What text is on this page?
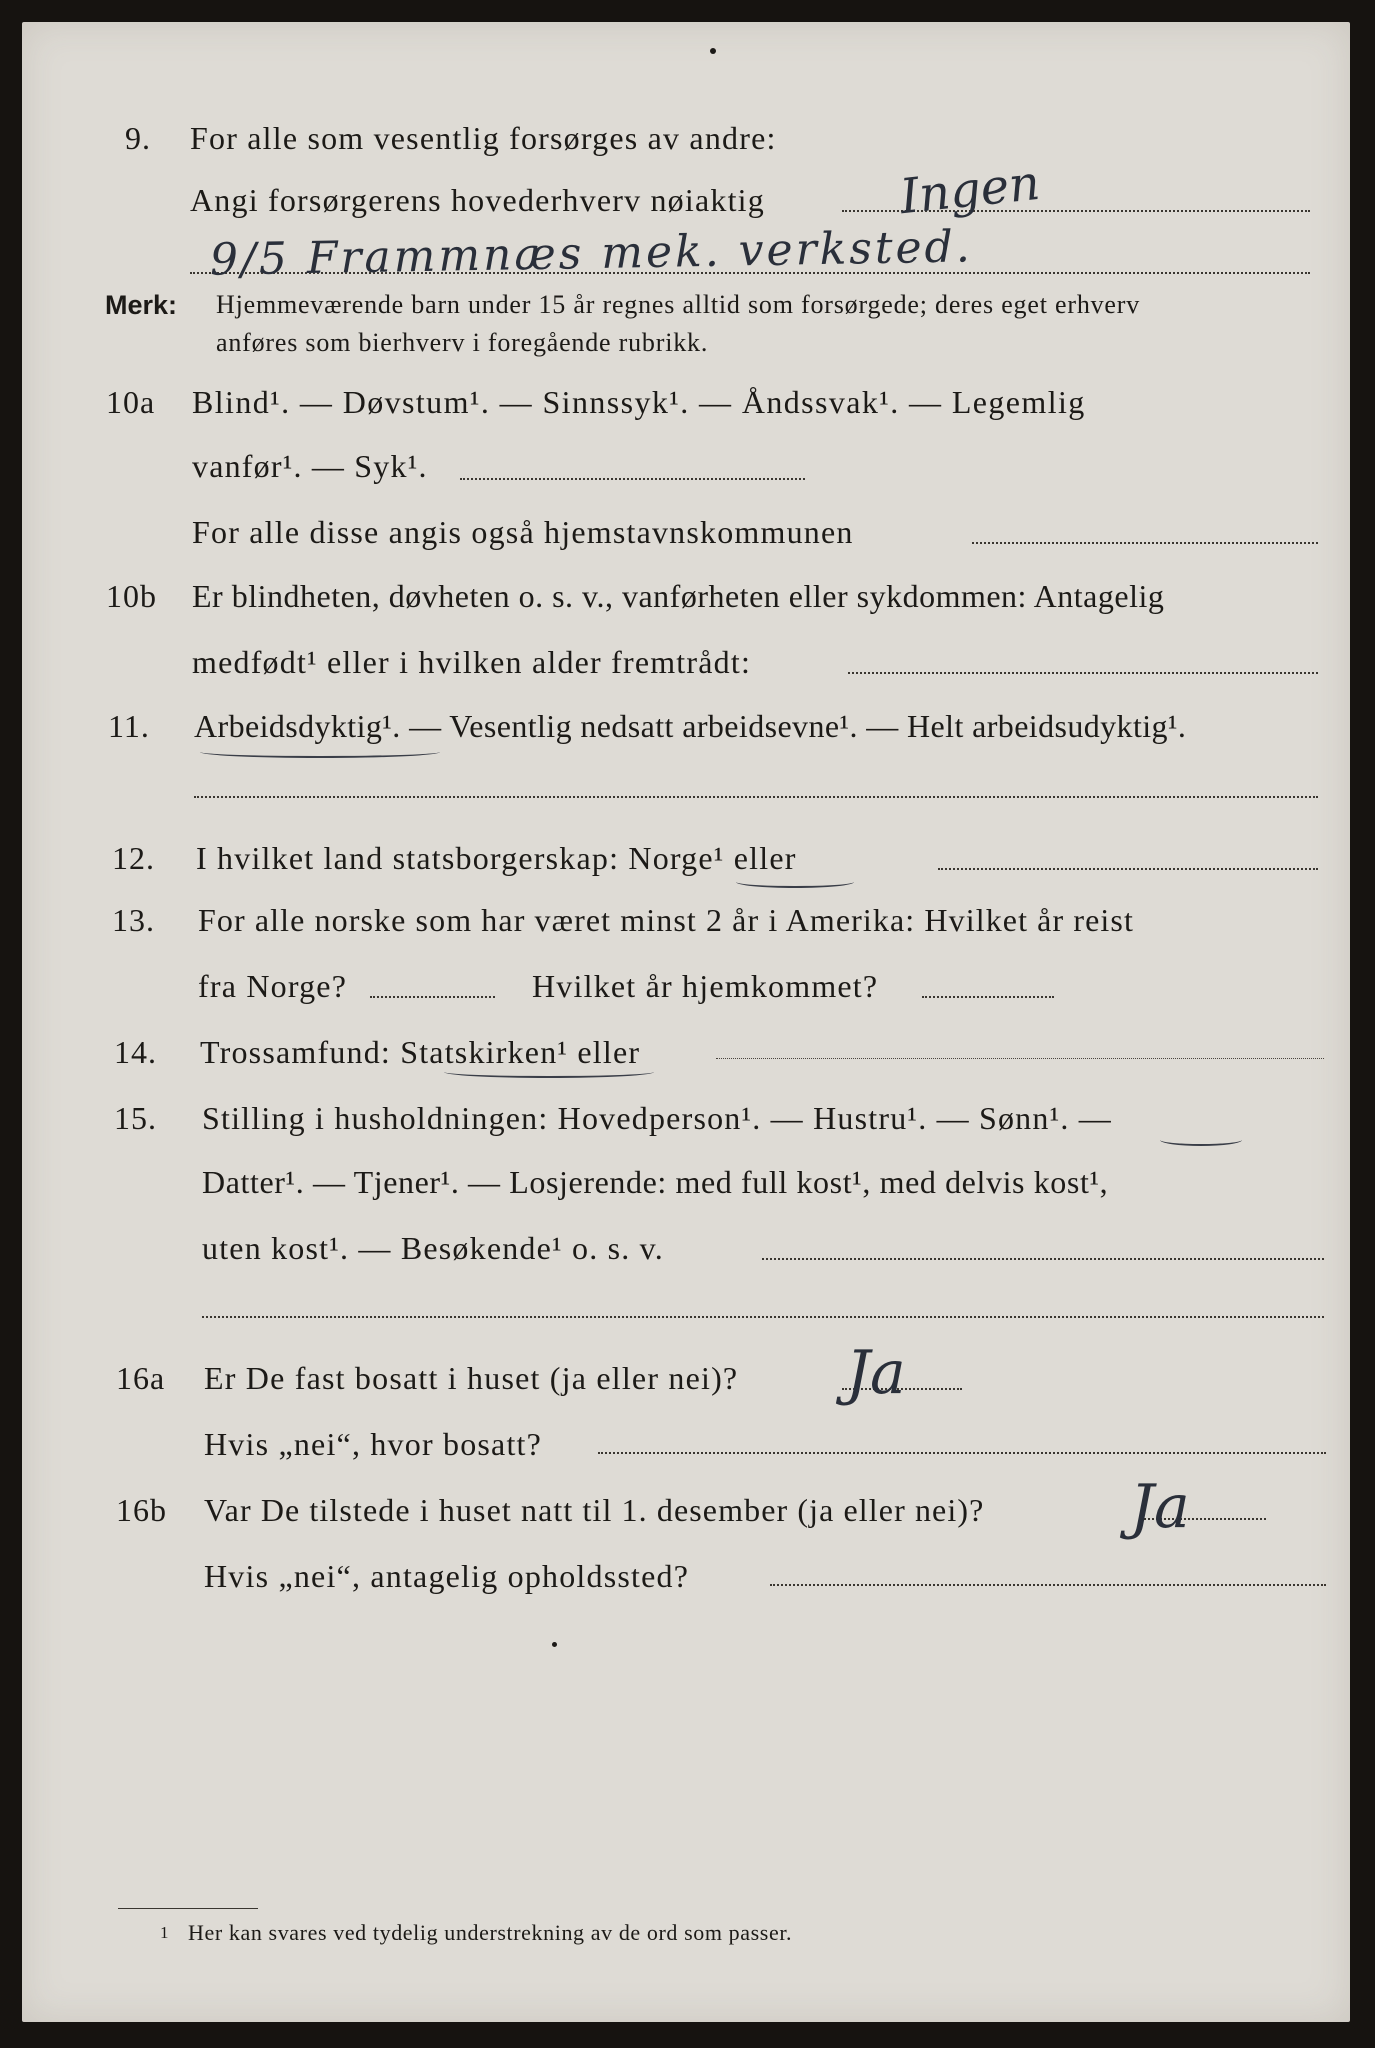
9. For alle som vesentlig forsørges av andre:
Angi forsørgerens hovederhverv nøiaktig	Ingen
9/5 Frammnæs mek. verksted.
Merk: Hjemmeværende barn under 15 år regnes alltid som forsørgede; deres eget erhverv
anføres som bierhverv i foregående rubrikk.
10a Blind¹. — Døvstum¹. — Sinnssyk¹. — Åndssvak¹. — Legemlig
vanfør¹. — Syk¹.
For alle disse angis også hjemstavnskommunen
10b Er blindheten, døvheten o. s. v., vanførheten eller sykdommen: Antagelig
medfødt¹ eller i hvilken alder fremtrådt:
11. Arbeidsdyktig¹. — Vesentlig nedsatt arbeidsevne¹. — Helt arbeidsudyktig¹.
12. I hvilket land statsborgerskap: Norge¹ eller
13. For alle norske som har været minst 2 år i Amerika: Hvilket år reist
fra Norge?	Hvilket år hjemkommet?
14. Trossamfund: Statskirken¹ eller
15. Stilling i husholdningen: Hovedperson¹. — Hustru¹. — Sønn¹. —
Datter¹. — Tjener¹. — Losjerende: med full kost¹, med delvis kost¹,
uten kost¹. — Besøkende¹ o. s. v.
16a Er De fast bosatt i huset (ja eller nei)? Ja
Hvis „nei“, hvor bosatt?
16b Var De tilstede i huset natt til 1. desember (ja eller nei)? Ja
Hvis „nei“, antagelig opholdssted?
1 Her kan svares ved tydelig understrekning av de ord som passer.
